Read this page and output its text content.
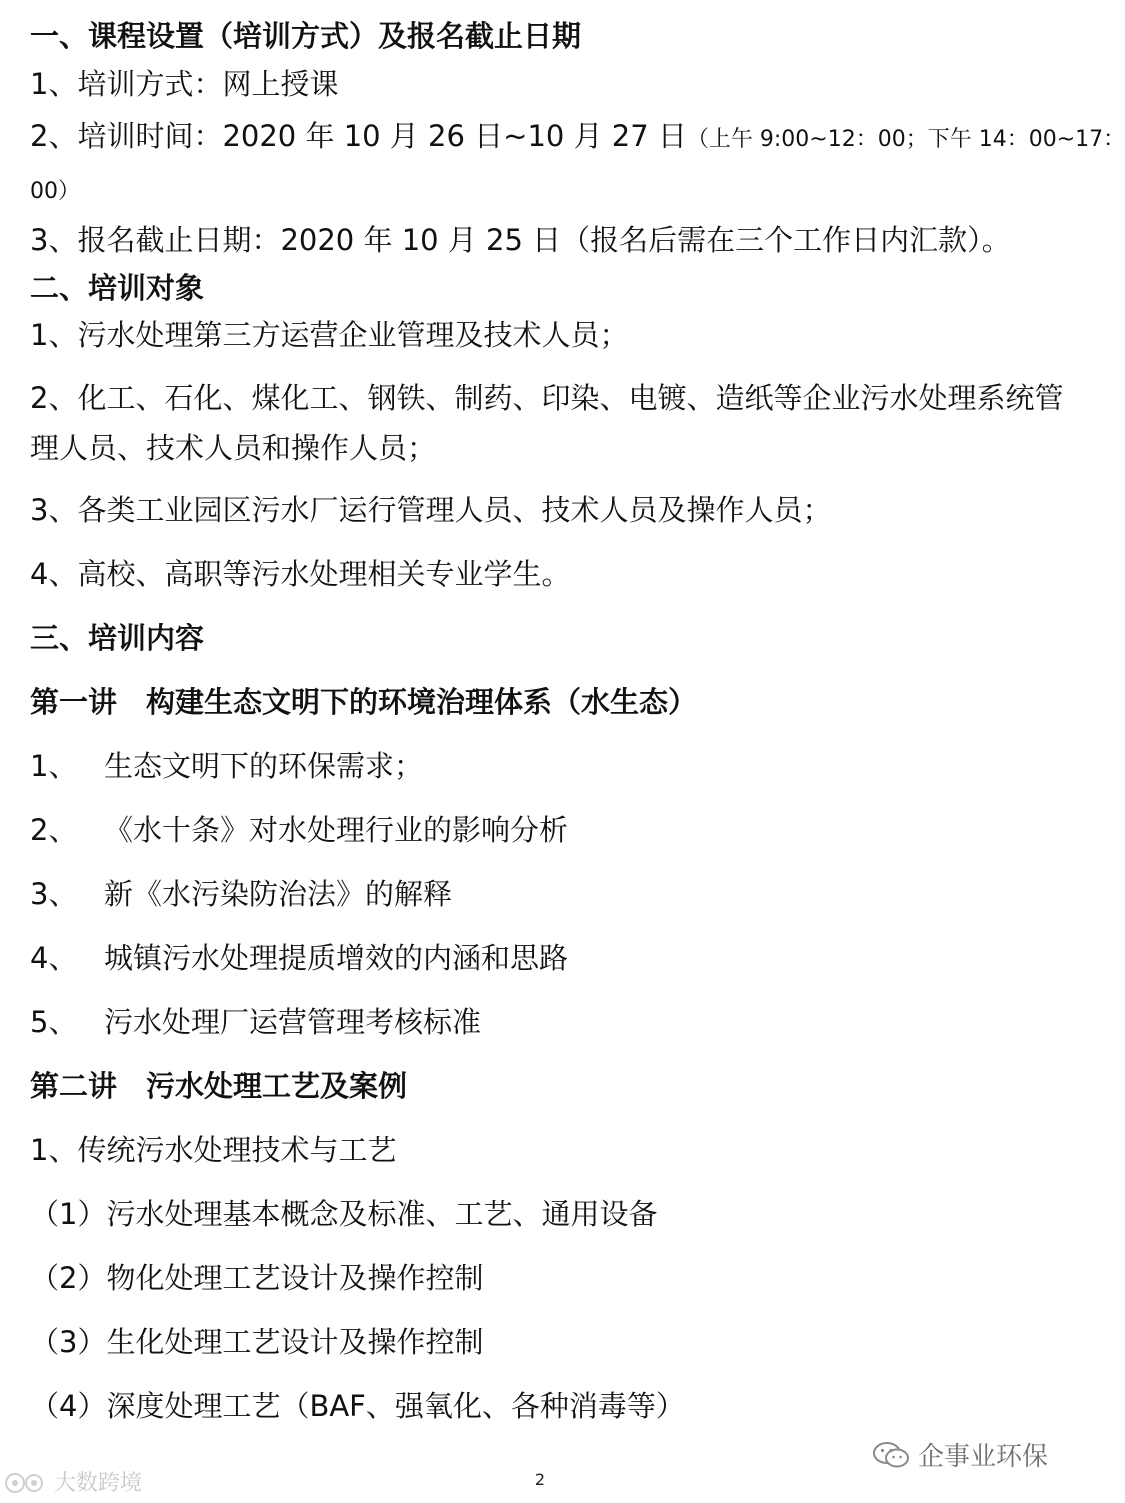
一、课程设置（培训方式）及报名截止日期
1、培训方式：网上授课
2、培训时间：2020 年 10 月 26 日~10 月 27 日（上午 9:00~12：00；下午 14：00~17：
00）
3、报名截止日期：2020 年 10 月 25 日（报名后需在三个工作日内汇款）。
二、培训对象
1、污水处理第三方运营企业管理及技术人员；
2、化工、石化、煤化工、钢铁、制药、印染、电镀、造纸等企业污水处理系统管理人员、技术人员和操作人员；
3、各类工业园区污水厂运行管理人员、技术人员及操作人员；
4、高校、高职等污水处理相关专业学生。
三、培训内容
第一讲　构建生态文明下的环境治理体系（水生态）
1、 生态文明下的环保需求；
2、 《水十条》对水处理行业的影响分析
3、 新《水污染防治法》的解释
4、 城镇污水处理提质增效的内涵和思路
5、 污水处理厂运营管理考核标准
第二讲　污水处理工艺及案例
1、传统污水处理技术与工艺
（1）污水处理基本概念及标准、工艺、通用设备
（2）物化处理工艺设计及操作控制
（3）生化处理工艺设计及操作控制
（4）深度处理工艺（BAF、强氧化、各种消毒等）
企事业环保
大数跨境	2
